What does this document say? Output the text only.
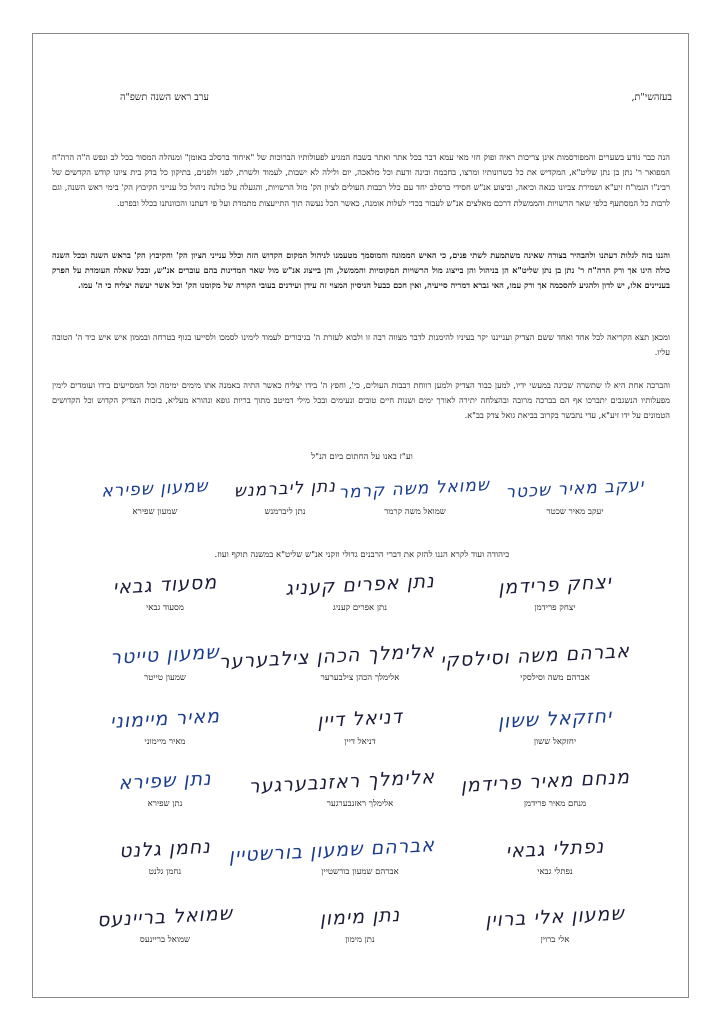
בעזהשי"ת,
ערב ראש השנה תשפ"ה
הנה כבר נודע בשערים והמפורסמות אינן צריכות ראיה ופוק חזי מאי עמא דבר בכל אתר ואתר בשבח המגיע לפעולותיו הברוכות של "איחוד ברסלב באומן" ומנהלה המסור בכל לב ונפש ה"ה הרה"ח המפואר ר' נתן בן נתן שליט"א, המקדיש את כל כשרונותיו ומרצו, בחכמה ובינה ודעת וכל מלאכה, יום ולילה לא ישבות, לעמוד ולשרת, לפני ולפנים, בתיקון כל בדק בית ציונו קודש הקדשים של רבינ"ו הגמו"ח זיע"א ושמירת צביונו כנאה וכיאה, וביצוע אנ"ש חסידי ברסלב יחד עם כלל רבבות העולים לציון הק' מול הרשויות, והגעלה על כולנה ניהול כל ענייני הקיבוץ הק' בימי ראש השנה, וגם לרבות כל המסתעף כלפי שאר הרשויות והממשלת דרכם מאלצים אנ"ש לעבור בכדי לעלות אומנה, כאשר הכל נעשה תוך התייעצות מתמדת ועל פי דעתנו והכוונתנו בכלל ובפרט.
והננו בזה לגלות דעתנו ולהבהיר בצורה שאינה משתמעת לשתי פנים, כי האיש הממונה והמוסמך מטעמנו לניהול המקום הקדוש הזה וכלל ענייני הציון הק' והקיבוץ הק' בראש השנה ובכל השנה כולה הינו אך ורק הרה"ח ר' נתן בן נתן שליט"א הן בניהול והן בייצוג מול הרשויות המקומיות והממשל, והן בייצוג אנ"ש מול שאר המדינות בהם עוברים אנ"ש, ובכל שאלה העומדת על הפרק בעניינים אלו, יש לדון ולהגיע להסכמה אך ורק עמו, האי גברא דמריה סייעיה, ואין חכם כבעל הניסיון המצוי זה עידן ועידנים בעובי הקורה של מקומנו הק' וכל אשר יעשה יצליח כי ה' עמו.
ומכאן תצא הקריאה לכל אחד ואחד ששם הצדיק וענייננו יקר בעיניו להימנות לדבר מצווה רבה זו ולבוא לעזרת ה' בגיבורים לעמוד לימינו לסמכו ולסייעו בגוף בטרחה ובממון איש איש כיד ה' הטובה עליו.
והברכה אחת היא לו שתשרה שכינה במעשי ידיו, למען כבוד הצדיק ולמען רווחת רבבות העולים, כי', וחפץ ה' בידו יצליח כאשר התיה באמנה אתו מימים ימימה וכל המסייעים בידו ועומדים לימין מפעלותיו הנשגבים יתברכו אף הם בברכה מרובה ובהצלחה יתירה לאורך ימים ושנות חיים טובים ונעימים ובכל מילי דמיטב מתוך בריות גופא ונהורא מעליא, בזכות הצדיק הקדוש וכל הקדושים הטמונים על ידו זיע"א, עדי נתבשר בקרוב בביאת גואל צדק בב"א.
וע"ז באנו על החתום ביום הנ"ל
יעקב מאיר שכטר
יעקב מאיר שכטר
שמואל משה קרמר
שמואל משה קרמר
נתן ליברמנש
נתן ליברמנש
שמעון שפירא
שמעון שפירא
כיהודה ועוד לקרא הננו להזק את דברי הרבנים גדולי וזקני אנ"ש שליט"א במשנה תוקף ועוז.
יצחק פרידמן
יצחק פרידמן
נתן אפרים קעניג
נתן אפרים קעניג
מסעוד גבאי
מסעוד גבאי
אברהם משה וסילסקי
אברהם משה וסילסקי
אלימלך הכהן צילבערער
אלימלך הכהן צילבערער
שמעון טייטר
שמעון טייטר
יחזקאל ששון
יחזקאל ששון
דניאל דיין
דניאל דיין
מאיר מיימוני
מאיר מיימוני
מנחם מאיר פרידמן
מנחם מאיר פרידמן
אלימלך ראזנבערגער
אלימלך ראזנבערגער
נתן שפירא
נתן שפירא
נפתלי גבאי
נפתלי גבאי
אברהם שמעון בורשטיין
אברהם שמעון בורשטיין
נחמן גלנט
נחמן גלנט
שמעון אלי ברוין
אלי ברוין
נתן מימון
נתן מימון
שמואל בריינעס
שמואל בריינעס
